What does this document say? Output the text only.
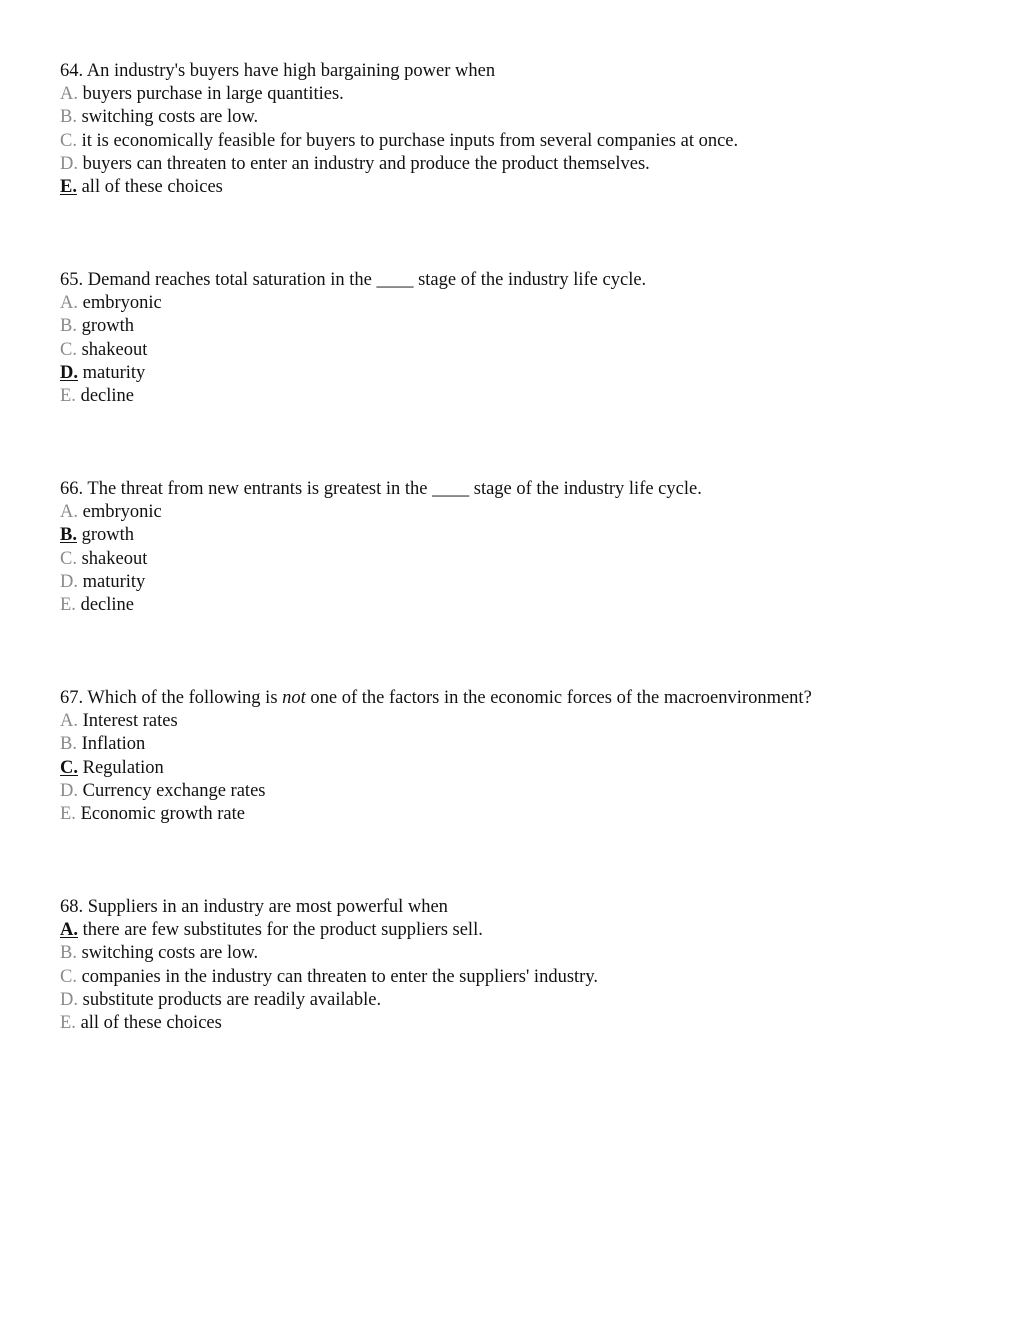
64. An industry's buyers have high bargaining power when
A. buyers purchase in large quantities.
B. switching costs are low.
C. it is economically feasible for buyers to purchase inputs from several companies at once.
D. buyers can threaten to enter an industry and produce the product themselves.
E. all of these choices
65. Demand reaches total saturation in the ____ stage of the industry life cycle.
A. embryonic
B. growth
C. shakeout
D. maturity
E. decline
66. The threat from new entrants is greatest in the ____ stage of the industry life cycle.
A. embryonic
B. growth
C. shakeout
D. maturity
E. decline
67. Which of the following is not one of the factors in the economic forces of the macroenvironment?
A. Interest rates
B. Inflation
C. Regulation
D. Currency exchange rates
E. Economic growth rate
68. Suppliers in an industry are most powerful when
A. there are few substitutes for the product suppliers sell.
B. switching costs are low.
C. companies in the industry can threaten to enter the suppliers' industry.
D. substitute products are readily available.
E. all of these choices
